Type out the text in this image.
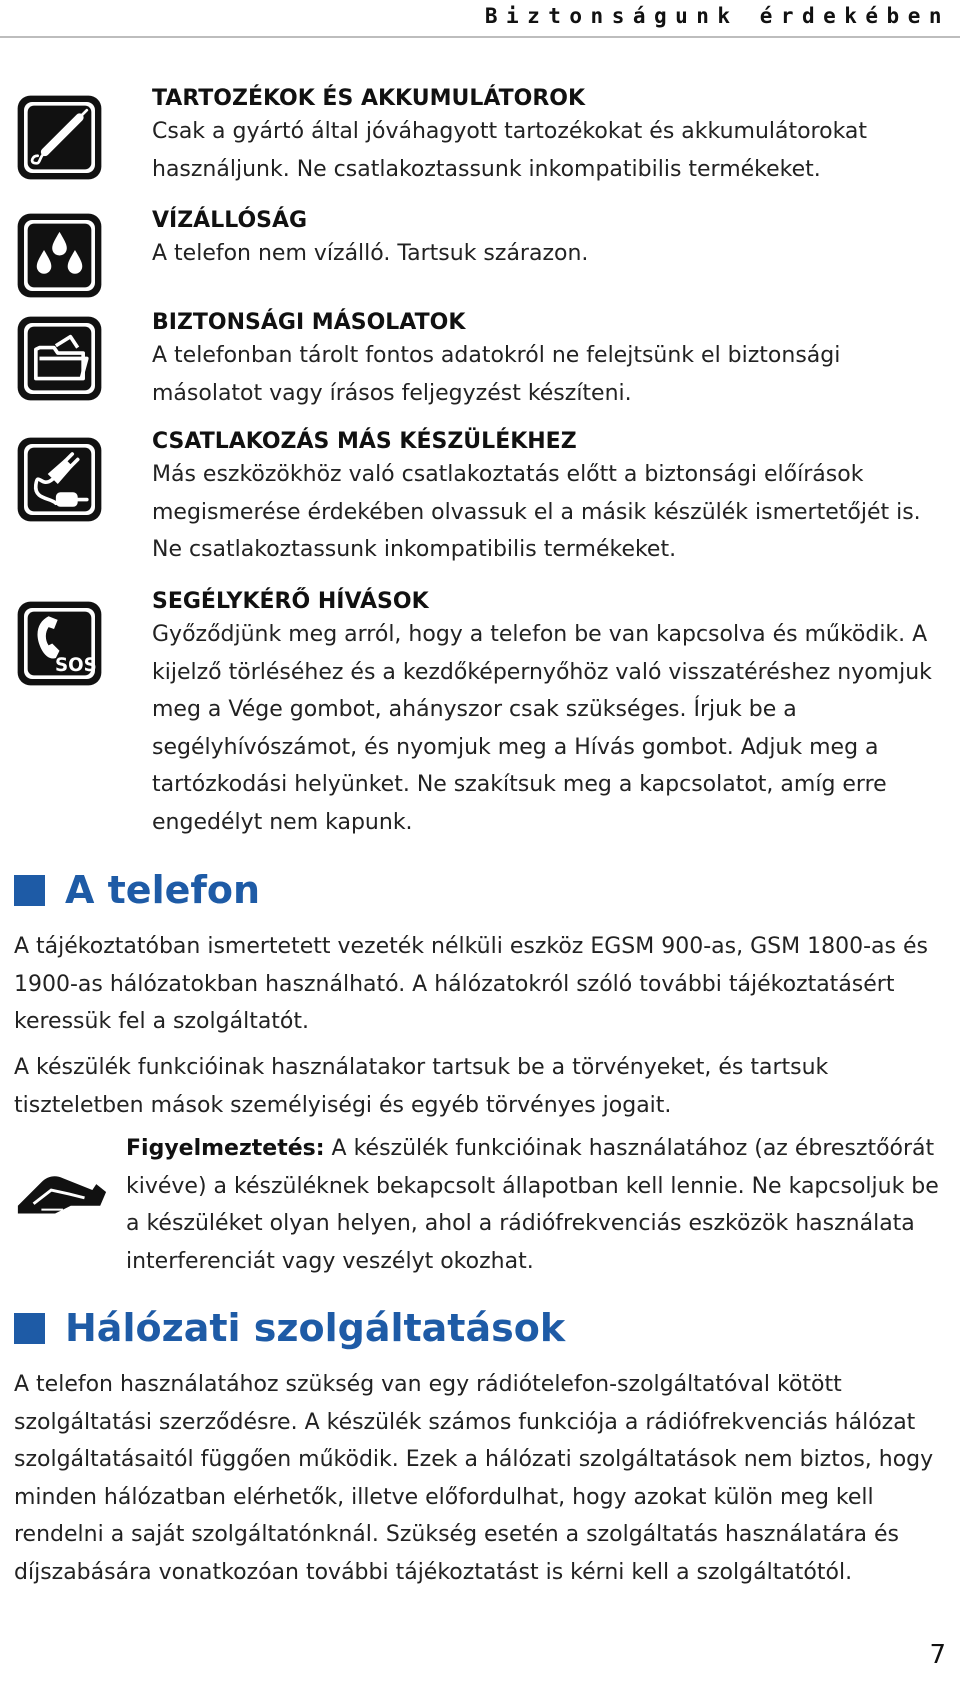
Biztonságunk érdekében
TARTOZÉKOK ÉS AKKUMULÁTOROK
Csak a gyártó által jóváhagyott tartozékokat és akkumulátorokat használjunk. Ne csatlakoztassunk inkompatibilis termékeket.
VÍZÁLLÓSÁG
A telefon nem vízálló. Tartsuk szárazon.
BIZTONSÁGI MÁSOLATOK
A telefonban tárolt fontos adatokról ne felejtsünk el biztonsági másolatot vagy írásos feljegyzést készíteni.
CSATLAKOZÁS MÁS KÉSZÜLÉKHEZ
Más eszközökhöz való csatlakoztatás előtt a biztonsági előírások megismerése érdekében olvassuk el a másik készülék ismertetőjét is. Ne csatlakoztassunk inkompatibilis termékeket.
SOS
SEGÉLYKÉRŐ HÍVÁSOK
Győződjünk meg arról, hogy a telefon be van kapcsolva és működik. A kijelző törléséhez és a kezdőképernyőhöz való visszatéréshez nyomjuk meg a Vége gombot, ahányszor csak szükséges. Írjuk be a segélyhívószámot, és nyomjuk meg a Hívás gombot. Adjuk meg a tartózkodási helyünket. Ne szakítsuk meg a kapcsolatot, amíg erre engedélyt nem kapunk.
A telefon
A tájékoztatóban ismertetett vezeték nélküli eszköz EGSM 900-as, GSM 1800-as és 1900-as hálózatokban használható. A hálózatokról szóló további tájékoztatásért keressük fel a szolgáltatót.
A készülék funkcióinak használatakor tartsuk be a törvényeket, és tartsuk tiszteletben mások személyiségi és egyéb törvényes jogait.
Figyelmeztetés: A készülék funkcióinak használatához (az ébresztőórát kivéve) a készüléknek bekapcsolt állapotban kell lennie. Ne kapcsoljuk be a készüléket olyan helyen, ahol a rádiófrekvenciás eszközök használata interferenciát vagy veszélyt okozhat.
Hálózati szolgáltatások
A telefon használatához szükség van egy rádiótelefon-szolgáltatóval kötött szolgáltatási szerződésre. A készülék számos funkciója a rádiófrekvenciás hálózat szolgáltatásaitól függően működik. Ezek a hálózati szolgáltatások nem biztos, hogy minden hálózatban elérhetők, illetve előfordulhat, hogy azokat külön meg kell rendelni a saját szolgáltatónknál. Szükség esetén a szolgáltatás használatára és díjszabására vonatkozóan további tájékoztatást is kérni kell a szolgáltatótól.
7
